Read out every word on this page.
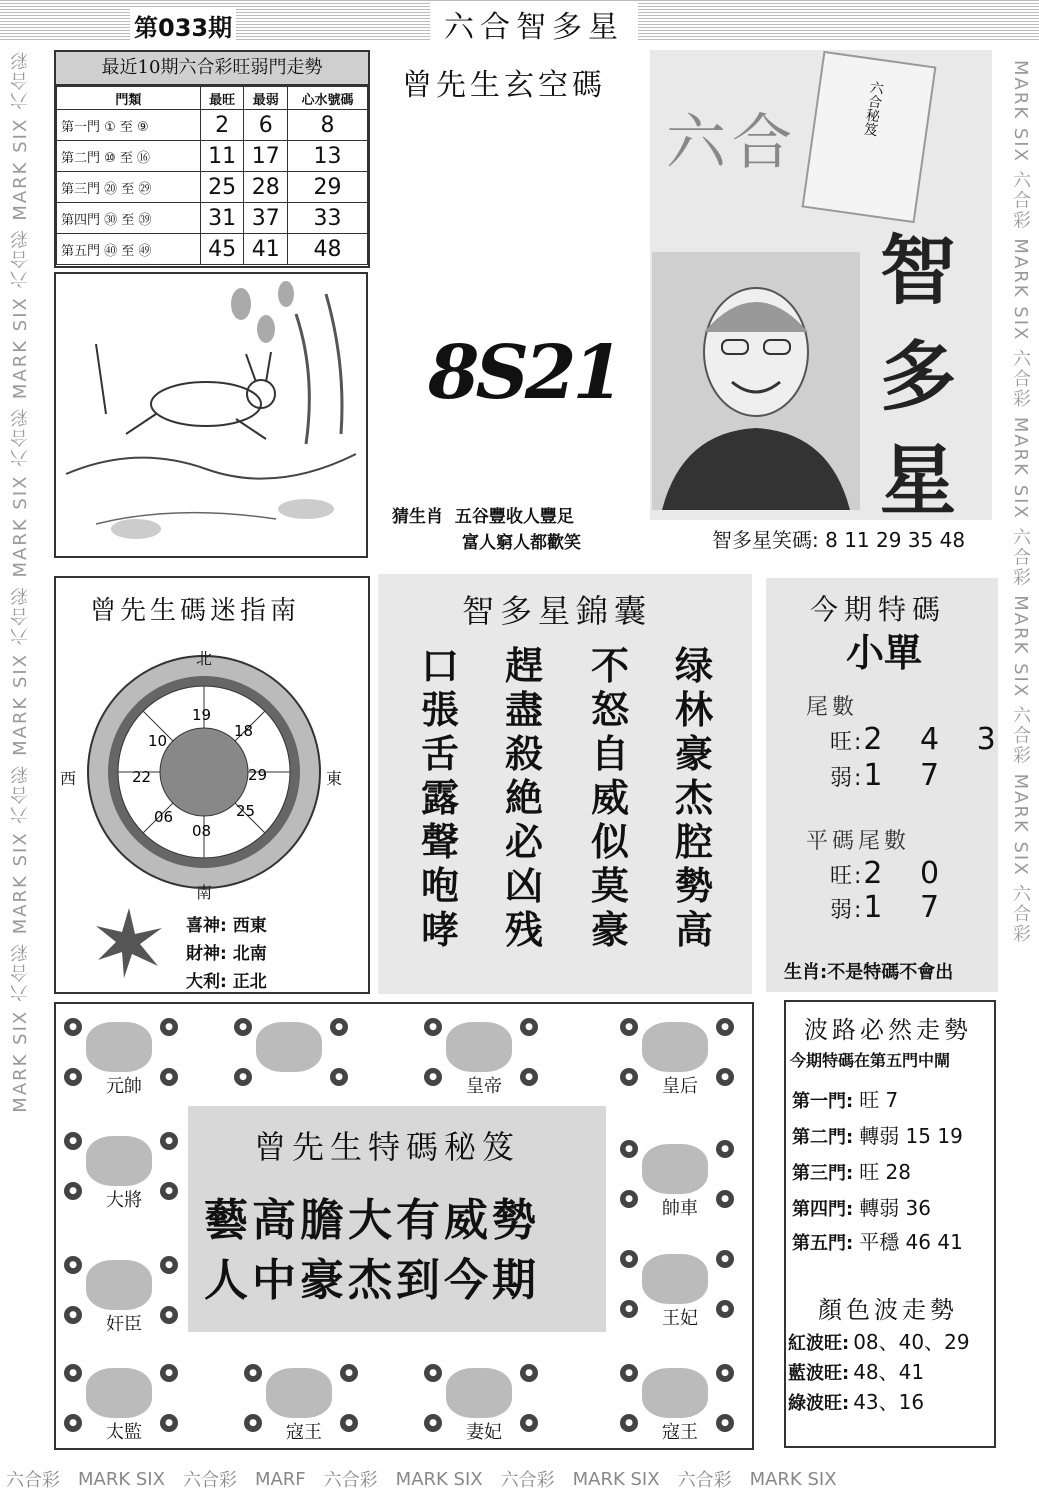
第033期	六合智多星
MARK SIX 六合彩 MARK SIX 六合彩 MARK SIX 六合彩 MARK SIX 六合彩 MARK SIX 六合彩 MARK SIX 六合彩	MARK SIX 六合彩 MARK SIX 六合彩 MARK SIX 六合彩 MARK SIX 六合彩 MARK SIX 六合彩
最近10期六合彩旺弱門走勢
門類	最旺	最弱	心水號碼
第一門 ① 至 ⑨	2	6	8
第二門 ⑩ 至 ⑯	11	17	13
第三門 ⑳ 至 ㉙	25	28	29
第四門 ㉚ 至 ㊴	31	37	33
第五門 ㊵ 至 ㊾	45	41	48
曾先生玄空碼
8S21
猜生肖 五谷豐收人豐足
富人窮人都歡笑
六合	六合秘笈
智
多
星
智多星笑碼: 8 11 29 35 48
曾先生碼迷指南
19
18
29
25
08
06
22
10
北
南
東
西
喜神: 西東
財神: 北南
大利: 正北
智多星錦囊
口
張
舌
露
聲
咆
哮
趕
盡
殺
絶
必
凶
残
不
怒
自
威
似
莫
豪
绿
林
豪
杰
腔
勢
高
今期特碼
小單
尾數
旺:2 4 3
弱:1 7
平碼尾數
旺:2 0
弱:1 7
生肖:不是特碼不會出
元帥
●	●
●	●
●	●
●	●	皇帝
●	●
●	●	皇后
●	●
●	●
大將
●	●
●	●
帥車
●	●
●	●
奸臣
●	●
●	●	王妃
●	●
●	●
太監
●	●
●	●	寇王
●	●
●	●	妻妃
●	●
●	●	寇王
●	●
●	●
曾先生特碼秘笈
藝高膽大有威勢
人中豪杰到今期
波路必然走勢
今期特碼在第五門中閘
第一門: 旺 7
第二門: 轉弱 15 19
第三門: 旺 28
第四門: 轉弱 36
第五門: 平穩 46 41
顏色波走勢
紅波旺: 08、40、29
藍波旺: 48、41
綠波旺: 43、16
六合彩 MARK SIX 六合彩 MARF 六合彩 MARK SIX 六合彩 MARK SIX 六合彩 MARK SIX
